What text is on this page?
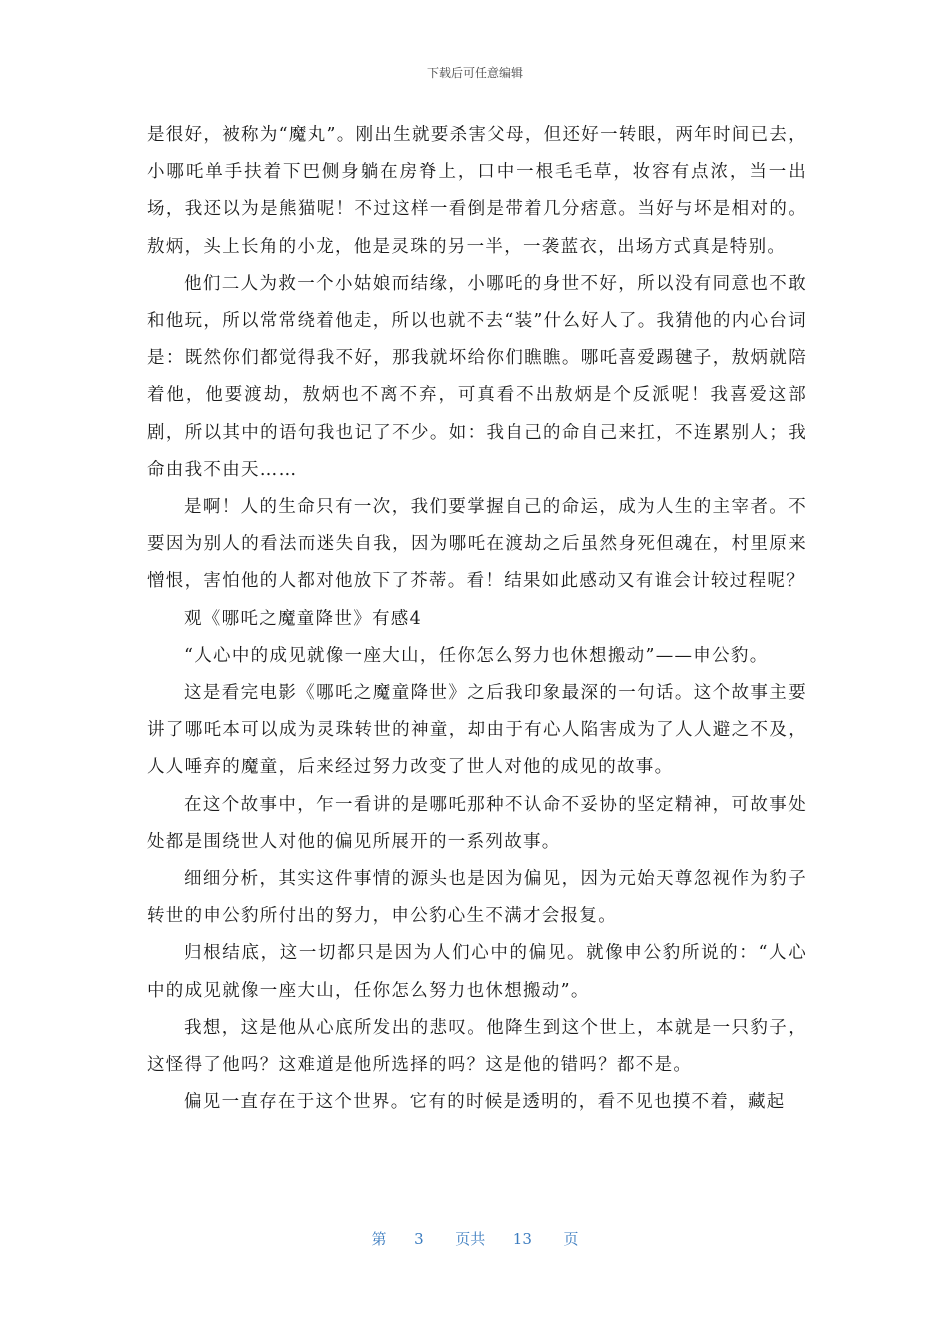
下载后可任意编辑

是很好，被称为“魔丸”。刚出生就要杀害父母，但还好一转眼，两年时间已去，小哪吒单手扶着下巴侧身躺在房脊上，口中一根毛毛草，妆容有点浓，当一出场，我还以为是熊猫呢！不过这样一看倒是带着几分痞意。当好与坏是相对的。敖炳，头上长角的小龙，他是灵珠的另一半，一袭蓝衣，出场方式真是特别。

他们二人为救一个小姑娘而结缘，小哪吒的身世不好，所以没有同意也不敢和他玩，所以常常绕着他走，所以也就不去“装”什么好人了。我猜他的内心台词是：既然你们都觉得我不好，那我就坏给你们瞧瞧。哪吒喜爱踢毽子，敖炳就陪着他，他要渡劫，敖炳也不离不弃，可真看不出敖炳是个反派呢！我喜爱这部剧，所以其中的语句我也记了不少。如：我自己的命自己来扛，不连累别人；我命由我不由天……

是啊！人的生命只有一次，我们要掌握自己的命运，成为人生的主宰者。不要因为别人的看法而迷失自我，因为哪吒在渡劫之后虽然身死但魂在，村里原来憎恨，害怕他的人都对他放下了芥蒂。看！结果如此感动又有谁会计较过程呢？

观《哪吒之魔童降世》有感4

“人心中的成见就像一座大山，任你怎么努力也休想搬动”——申公豹。

这是看完电影《哪吒之魔童降世》之后我印象最深的一句话。这个故事主要讲了哪吒本可以成为灵珠转世的神童，却由于有心人陷害成为了人人避之不及，人人唾弃的魔童，后来经过努力改变了世人对他的成见的故事。

在这个故事中，乍一看讲的是哪吒那种不认命不妥协的坚定精神，可故事处处都是围绕世人对他的偏见所展开的一系列故事。

细细分析，其实这件事情的源头也是因为偏见，因为元始天尊忽视作为豹子转世的申公豹所付出的努力，申公豹心生不满才会报复。

归根结底，这一切都只是因为人们心中的偏见。就像申公豹所说的：“人心中的成见就像一座大山，任你怎么努力也休想搬动”。

我想，这是他从心底所发出的悲叹。他降生到这个世上，本就是一只豹子，这怪得了他吗？这难道是他所选择的吗？这是他的错吗？都不是。

偏见一直存在于这个世界。它有的时候是透明的，看不见也摸不着，藏起

第 3 页共 13 页
